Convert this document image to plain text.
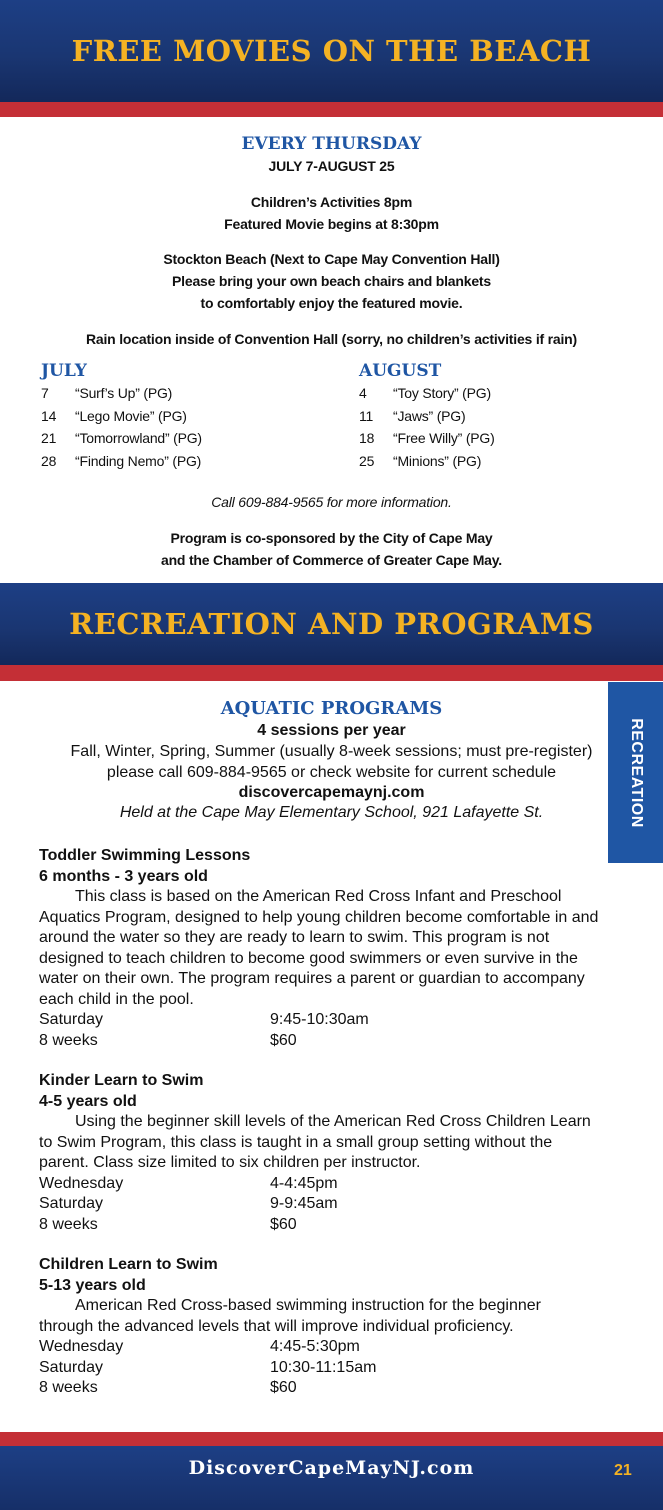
FREE MOVIES ON THE BEACH
EVERY THURSDAY
JULY 7-AUGUST 25
Children’s Activities 8pm
Featured Movie begins at 8:30pm
Stockton Beach (Next to Cape May Convention Hall)
Please bring your own beach chairs and blankets
to comfortably enjoy the featured movie.
Rain location inside of Convention Hall (sorry, no children’s activities if rain)
JULY
7	“Surf’s Up” (PG)
14	“Lego Movie” (PG)
21	“Tomorrowland” (PG)
28	“Finding Nemo” (PG)
AUGUST
4	“Toy Story” (PG)
11	“Jaws” (PG)
18	“Free Willy” (PG)
25	“Minions” (PG)
Call 609-884-9565 for more information.
Program is co-sponsored by the City of Cape May
and the Chamber of Commerce of Greater Cape May.
RECREATION AND PROGRAMS
RECREATION
AQUATIC PROGRAMS
4 sessions per year
Fall, Winter, Spring, Summer (usually 8-week sessions; must pre-register)
please call 609-884-9565 or check website for current schedule
discovercapemaynj.com
Held at the Cape May Elementary School, 921 Lafayette St.
Toddler Swimming Lessons
6 months - 3 years old
This class is based on the American Red Cross Infant and Preschool Aquatics Program, designed to help young children become comfortable in and around the water so they are ready to learn to swim. This program is not designed to teach children to become good swimmers or even survive in the water on their own. The program requires a parent or guardian to accompany each child in the pool.
Saturday	9:45-10:30am
8 weeks	$60
Kinder Learn to Swim
4-5 years old
Using the beginner skill levels of the American Red Cross Children Learn to Swim Program, this class is taught in a small group setting without the parent. Class size limited to six children per instructor.
Wednesday	4-4:45pm
Saturday	9-9:45am
8 weeks	$60
Children Learn to Swim
5-13 years old
American Red Cross-based swimming instruction for the beginner through the advanced levels that will improve individual proficiency.
Wednesday	4:45-5:30pm
Saturday	10:30-11:15am
8 weeks	$60
DiscoverCapeMayNJ.com	21
